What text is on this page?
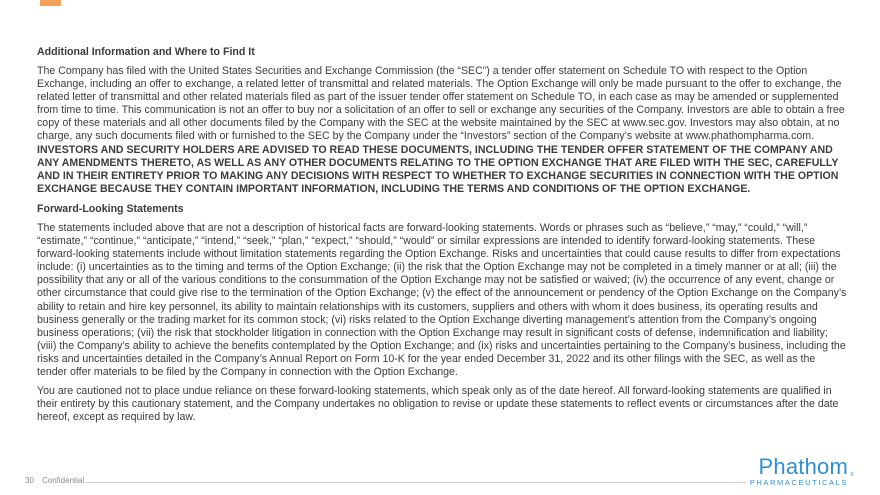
Additional Information and Where to Find It

The Company has filed with the United States Securities and Exchange Commission (the “SEC”) a tender offer statement on Schedule TO with respect to the Option Exchange, including an offer to exchange, a related letter of transmittal and related materials. The Option Exchange will only be made pursuant to the offer to exchange, the related letter of transmittal and other related materials filed as part of the issuer tender offer statement on Schedule TO, in each case as may be amended or supplemented from time to time. This communication is not an offer to buy nor a solicitation of an offer to sell or exchange any securities of the Company. Investors are able to obtain a free copy of these materials and all other documents filed by the Company with the SEC at the website maintained by the SEC at www.sec.gov. Investors may also obtain, at no charge, any such documents filed with or furnished to the SEC by the Company under the “Investors” section of the Company’s website at www.phathompharma.com. INVESTORS AND SECURITY HOLDERS ARE ADVISED TO READ THESE DOCUMENTS, INCLUDING THE TENDER OFFER STATEMENT OF THE COMPANY AND ANY AMENDMENTS THERETO, AS WELL AS ANY OTHER DOCUMENTS RELATING TO THE OPTION EXCHANGE THAT ARE FILED WITH THE SEC, CAREFULLY AND IN THEIR ENTIRETY PRIOR TO MAKING ANY DECISIONS WITH RESPECT TO WHETHER TO EXCHANGE SECURITIES IN CONNECTION WITH THE OPTION EXCHANGE BECAUSE THEY CONTAIN IMPORTANT INFORMATION, INCLUDING THE TERMS AND CONDITIONS OF THE OPTION EXCHANGE.

Forward-Looking Statements

The statements included above that are not a description of historical facts are forward-looking statements. Words or phrases such as “believe,” “may,” “could,” “will,” “estimate,” “continue,” “anticipate,” “intend,” “seek,” “plan,” “expect,” “should,” “would” or similar expressions are intended to identify forward-looking statements. These forward-looking statements include without limitation statements regarding the Option Exchange. Risks and uncertainties that could cause results to differ from expectations include: (i) uncertainties as to the timing and terms of the Option Exchange; (ii) the risk that the Option Exchange may not be completed in a timely manner or at all; (iii) the possibility that any or all of the various conditions to the consummation of the Option Exchange may not be satisfied or waived; (iv) the occurrence of any event, change or other circumstance that could give rise to the termination of the Option Exchange; (v) the effect of the announcement or pendency of the Option Exchange on the Company’s ability to retain and hire key personnel, its ability to maintain relationships with its customers, suppliers and others with whom it does business, its operating results and business generally or the trading market for its common stock; (vi) risks related to the Option Exchange diverting management’s attention from the Company’s ongoing business operations; (vii) the risk that stockholder litigation in connection with the Option Exchange may result in significant costs of defense, indemnification and liability; (viii) the Company’s ability to achieve the benefits contemplated by the Option Exchange; and (ix) risks and uncertainties pertaining to the Company’s business, including the risks and uncertainties detailed in the Company’s Annual Report on Form 10-K for the year ended December 31, 2022 and its other filings with the SEC, as well as the tender offer materials to be filed by the Company in connection with the Option Exchange.

You are cautioned not to place undue reliance on these forward-looking statements, which speak only as of the date hereof. All forward-looking statements are qualified in their entirety by this cautionary statement, and the Company undertakes no obligation to revise or update these statements to reflect events or circumstances after the date hereof, except as required by law.

30 Confidential
Phathom
PHARMACEUTICALS
®
